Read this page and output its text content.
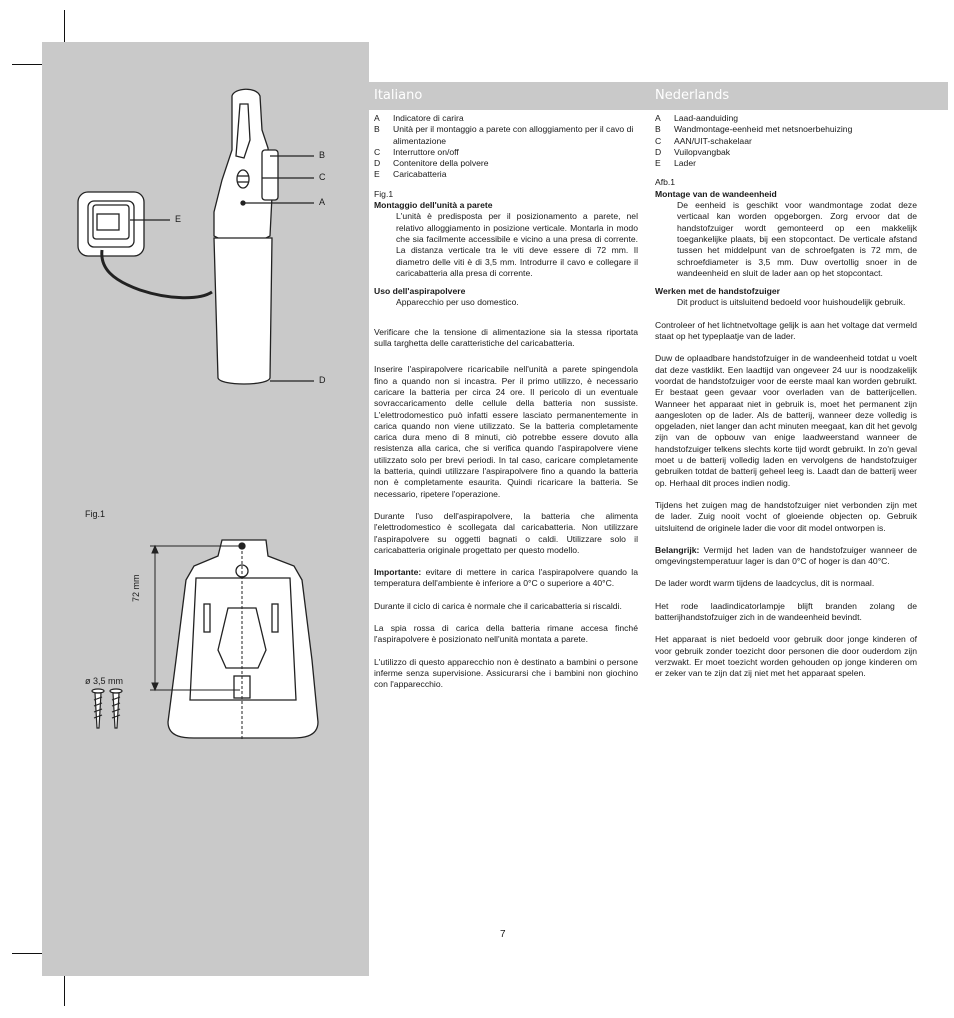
B
C
A
E
D
Fig.1
72 mm
ø 3,5 mm
Italiano	Nederlands
A	Indicatore di carira
B	Unità per il montaggio a parete con alloggiamento per il cavo di alimentazione
C	Interruttore on/off
D	Contenitore della polvere
E	Caricabatteria
Fig.1
Montaggio dell'unità a parete
L'unità è predisposta per il posizionamento a parete, nel relativo alloggiamento in posizione verticale. Montarla in modo che sia facilmente accessibile e vicino a una presa di corrente. La distanza verticale tra le viti deve essere di 72 mm. Il diametro delle viti è di 3,5 mm. Introdurre il cavo e collegare il caricabatteria alla presa di corrente.
Uso dell'aspirapolvere
Apparecchio per uso domestico.
Verificare che la tensione di alimentazione sia la stessa riportata sulla targhetta delle caratteristiche del caricabatteria.
Inserire l'aspirapolvere ricaricabile nell'unità a parete spingendola fino a quando non si incastra. Per il primo utilizzo, è necessario caricare la batteria per circa 24 ore. Il pericolo di un eventuale sovraccaricamento delle cellule della batteria non sussiste. L'elettrodomestico può infatti essere lasciato permanentemente in carica quando non viene utilizzato. Se la batteria completamente carica dura meno di 8 minuti, ciò potrebbe essere dovuto alla resistenza alla carica, che si verifica quando l'aspirapolvere viene utilizzato solo per brevi periodi. In tal caso, caricare completamente la batteria, quindi utilizzare l'aspirapolvere fino a quando la batteria non è completamente esaurita. Quindi ricaricare la batteria. Se necessario, ripetere l'operazione.
Durante l'uso dell'aspirapolvere, la batteria che alimenta l'elettrodomestico è scollegata dal caricabatteria. Non utilizzare l'aspirapolvere su oggetti bagnati o caldi. Utilizzare solo il caricabatteria originale progettato per questo modello.
Importante: evitare di mettere in carica l'aspirapolvere quando la temperatura dell'ambiente è inferiore a 0°C o superiore a 40°C.
Durante il ciclo di carica è normale che il caricabatteria si riscaldi.
La spia rossa di carica della batteria rimane accesa finché l'aspirapolvere è posizionato nell'unità montata a parete.
L'utilizzo di questo apparecchio non è destinato a bambini o persone inferme senza supervisione. Assicurarsi che i bambini non giochino con l'apparecchio.
A	Laad-aanduiding
B	Wandmontage-eenheid met netsnoerbehuizing
C	AAN/UIT-schakelaar
D	Vuilopvangbak
E	Lader
Afb.1
Montage van de wandeenheid
De eenheid is geschikt voor wandmontage zodat deze verticaal kan worden opgeborgen. Zorg ervoor dat de handstofzuiger wordt gemonteerd op een makkelijk toegankelijke plaats, bij een stopcontact. De verticale afstand tussen het middelpunt van de schroefgaten is 72 mm, de schroefdiameter is 3,5 mm. Duw overtollig snoer in de wandeenheid en sluit de lader aan op het stopcontact.
Werken met de handstofzuiger
Dit product is uitsluitend bedoeld voor huishoudelijk gebruik.
Controleer of het lichtnetvoltage gelijk is aan het voltage dat vermeld staat op het typeplaatje van de lader.
Duw de oplaadbare handstofzuiger in de wandeenheid totdat u voelt dat deze vastklikt. Een laadtijd van ongeveer 24 uur is noodzakelijk voordat de handstofzuiger voor de eerste maal kan worden gebruikt. Er bestaat geen gevaar voor overladen van de batterijcellen. Wanneer het apparaat niet in gebruik is, moet het permanent zijn aangesloten op de lader. Als de batterij, wanneer deze volledig is opgeladen, niet langer dan acht minuten meegaat, kan dit het gevolg zijn van de opbouw van enige laadweerstand wanneer de handstofzuiger telkens slechts korte tijd wordt gebruikt. In zo'n geval moet u de batterij volledig laden en vervolgens de handstofzuiger gebruiken totdat de batterij geheel leeg is. Laadt dan de batterij weer op. Herhaal dit proces indien nodig.
Tijdens het zuigen mag de handstofzuiger niet verbonden zijn met de lader. Zuig nooit vocht of gloeiende objecten op. Gebruik uitsluitend de originele lader die voor dit model ontworpen is.
Belangrijk: Vermijd het laden van de handstofzuiger wanneer de omgevingstemperatuur lager is dan 0°C of hoger is dan 40°C.
De lader wordt warm tijdens de laadcyclus, dit is normaal.
Het rode laadindicatorlampje blijft branden zolang de batterijhandstofzuiger zich in de wandeenheid bevindt.
Het apparaat is niet bedoeld voor gebruik door jonge kinderen of voor gebruik zonder toezicht door personen die door ouderdom zijn verzwakt. Er moet toezicht worden gehouden op jonge kinderen om er zeker van te zijn dat zij niet met het apparaat spelen.
7
